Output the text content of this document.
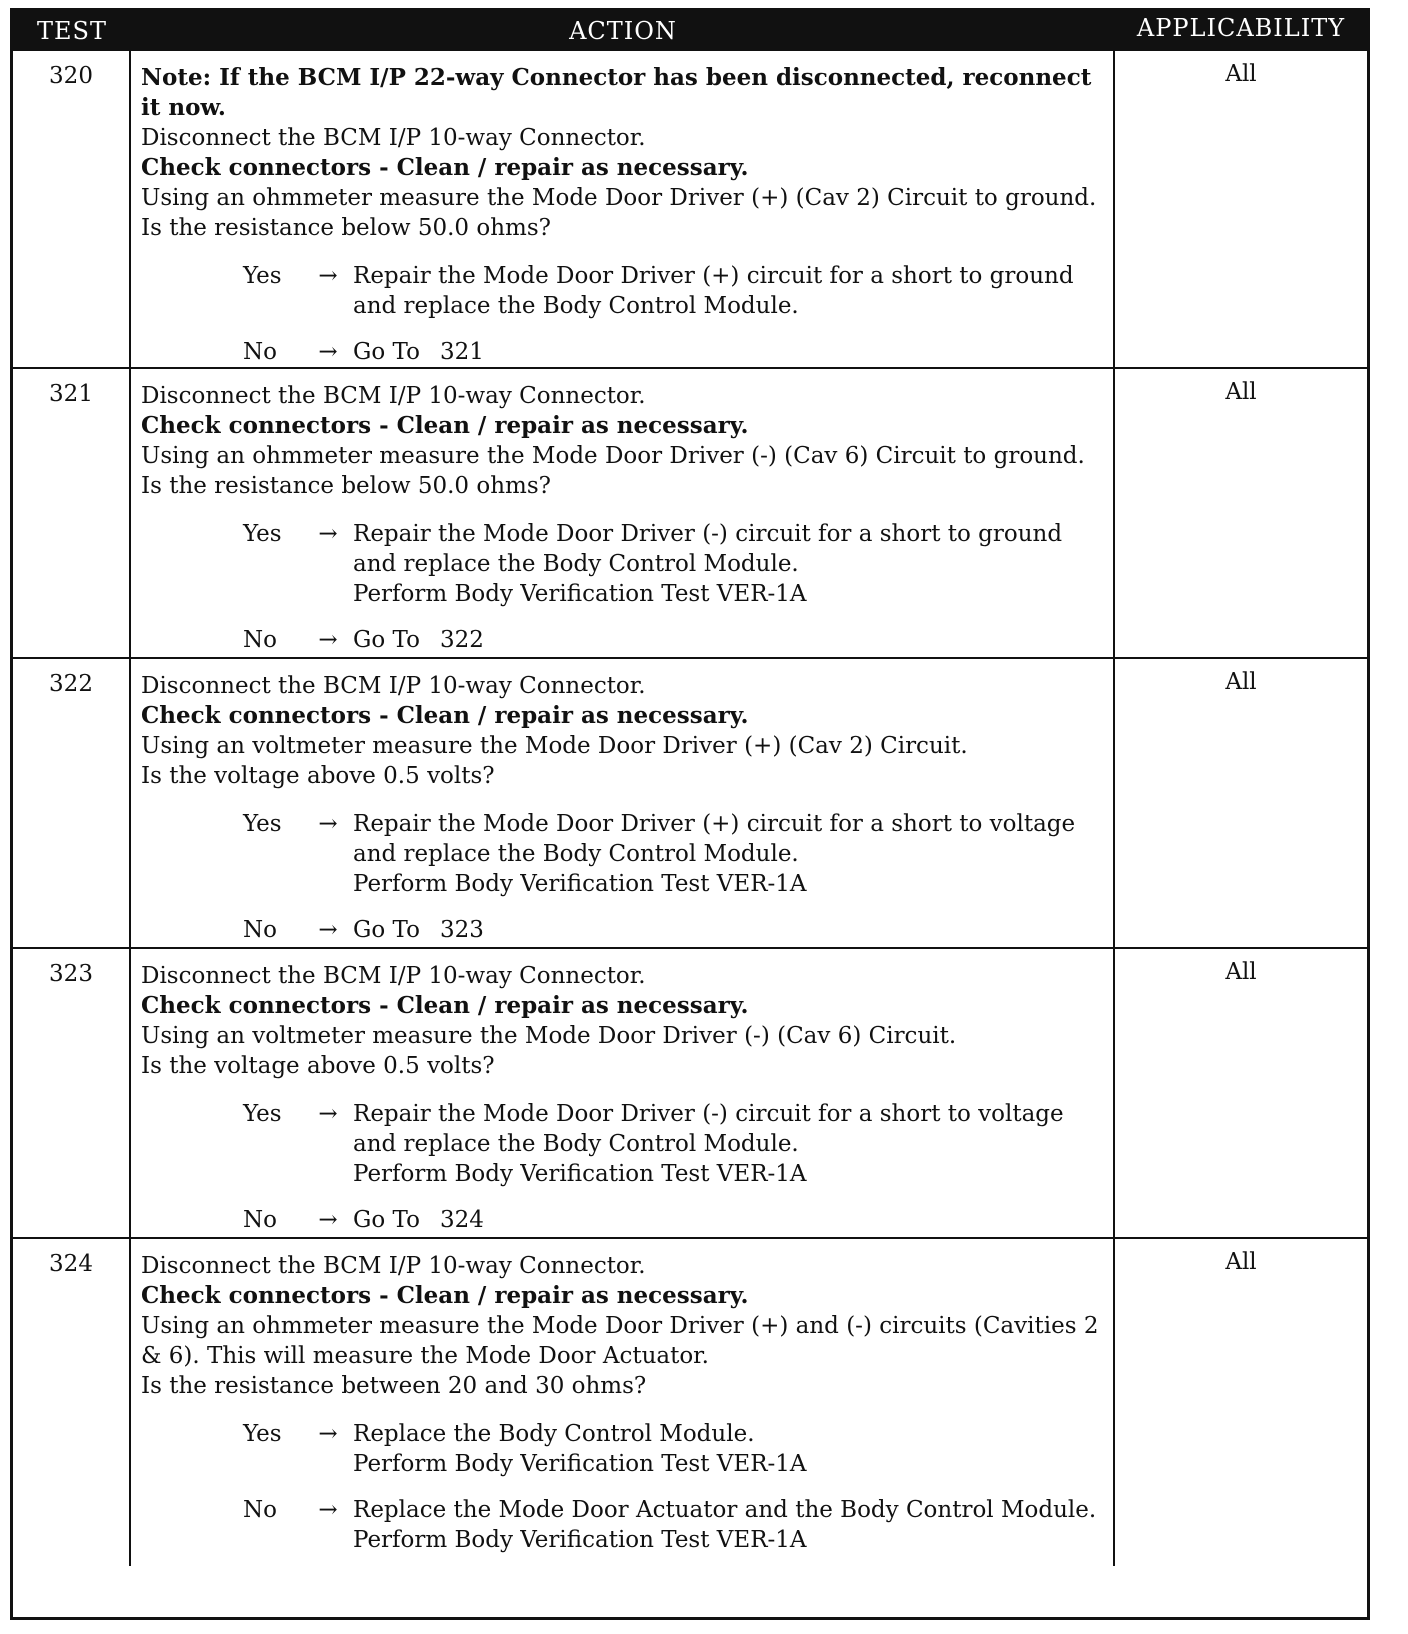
TEST	ACTION	APPLICABILITY
320	Note: If the BCM I/P 22-way Connector has been disconnected, reconnect it now.
Disconnect the BCM I/P 10-way Connector.
Check connectors - Clean / repair as necessary.
Using an ohmmeter measure the Mode Door Driver (+) (Cav 2) Circuit to ground.
Is the resistance below 50.0 ohms?
Yes	→ Repair the Mode Door Driver (+) circuit for a short to ground and replace the Body Control Module.
No	→ Go To 321
All
321	Disconnect the BCM I/P 10-way Connector.
Check connectors - Clean / repair as necessary.
Using an ohmmeter measure the Mode Door Driver (-) (Cav 6) Circuit to ground.
Is the resistance below 50.0 ohms?
Yes	→ Repair the Mode Door Driver (-) circuit for a short to ground and replace the Body Control Module.
Perform Body Verification Test VER-1A
No	→ Go To 322
All
322	Disconnect the BCM I/P 10-way Connector.
Check connectors - Clean / repair as necessary.
Using an voltmeter measure the Mode Door Driver (+) (Cav 2) Circuit.
Is the voltage above 0.5 volts?
Yes	→ Repair the Mode Door Driver (+) circuit for a short to voltage and replace the Body Control Module.
Perform Body Verification Test VER-1A
No	→ Go To 323
All
323	Disconnect the BCM I/P 10-way Connector.
Check connectors - Clean / repair as necessary.
Using an voltmeter measure the Mode Door Driver (-) (Cav 6) Circuit.
Is the voltage above 0.5 volts?
Yes	→ Repair the Mode Door Driver (-) circuit for a short to voltage and replace the Body Control Module.
Perform Body Verification Test VER-1A
No	→ Go To 324
All
324	Disconnect the BCM I/P 10-way Connector.
Check connectors - Clean / repair as necessary.
Using an ohmmeter measure the Mode Door Driver (+) and (-) circuits (Cavities 2 & 6). This will measure the Mode Door Actuator.
Is the resistance between 20 and 30 ohms?
Yes	→ Replace the Body Control Module.
Perform Body Verification Test VER-1A
No	→ Replace the Mode Door Actuator and the Body Control Module.
Perform Body Verification Test VER-1A
All
